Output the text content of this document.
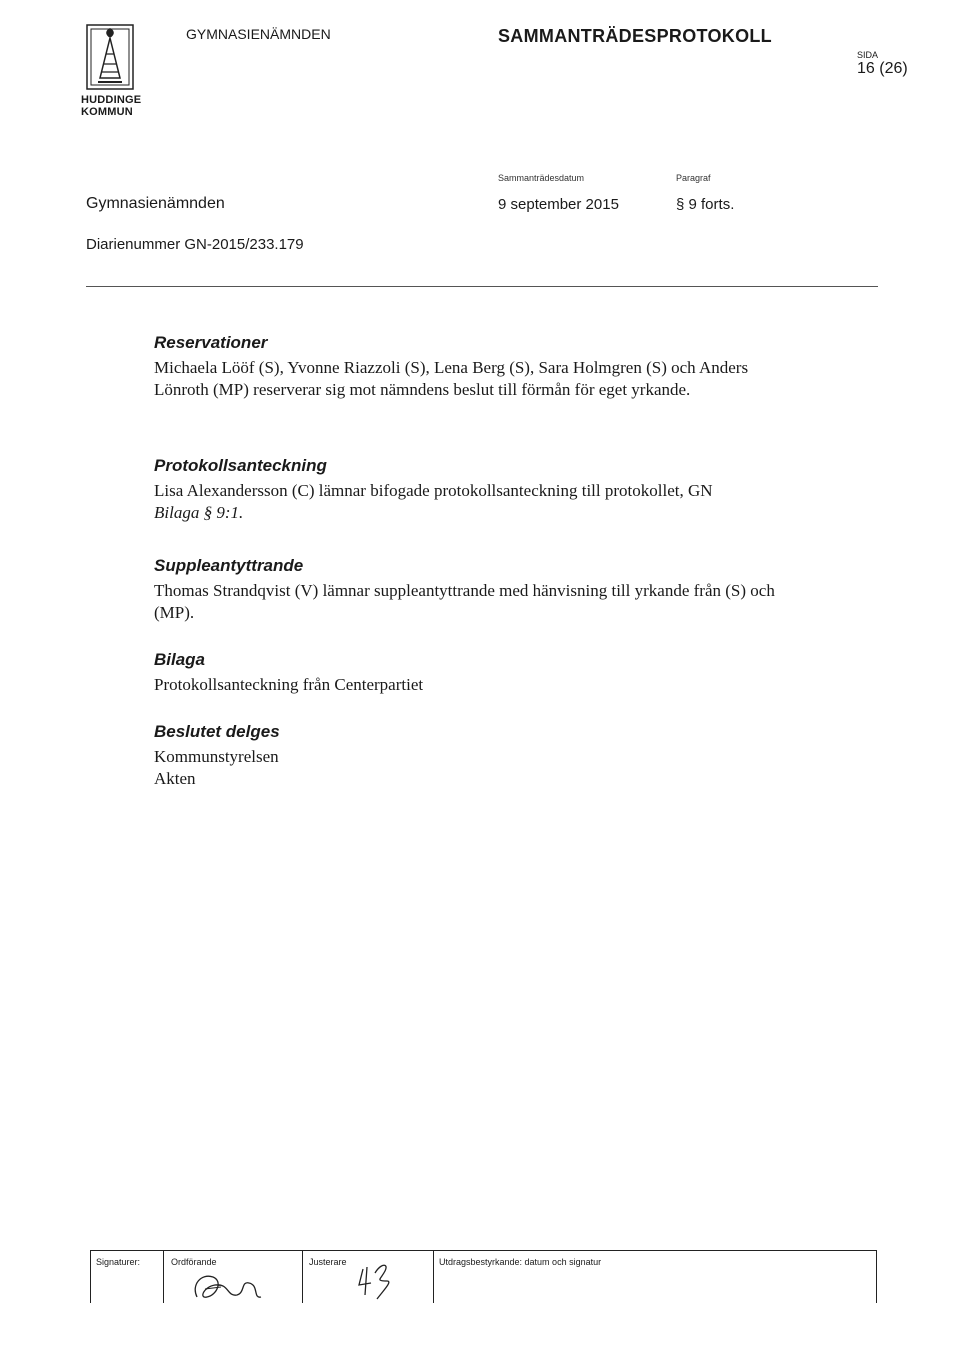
HUDDINGE
KOMMUN
GYMNASIENÄMNDEN	SAMMANTRÄDESPROTOKOLL
SIDA
16 (26)
Sammanträdesdatum	Paragraf
Gymnasienämnden	9 september 2015	§ 9 forts.
Diarienummer GN-2015/233.179
Reservationer

Michaela Lööf (S), Yvonne Riazzoli (S), Lena Berg (S), Sara Holmgren (S) och Anders Lönroth (MP) reserverar sig mot nämndens beslut till förmån för eget yrkande.

Protokollsanteckning

Lisa Alexandersson (C) lämnar bifogade protokollsanteckning till protokollet, GN

Bilaga § 9:1.

Suppleantyttrande

Thomas Strandqvist (V) lämnar suppleantyttrande med hänvisning till yrkande från (S) och (MP).

Bilaga

Protokollsanteckning från Centerpartiet

Beslutet delges

Kommunstyrelsen

Akten

Signaturer:	Ordförande	Justerare	Utdragsbestyrkande: datum och signatur
